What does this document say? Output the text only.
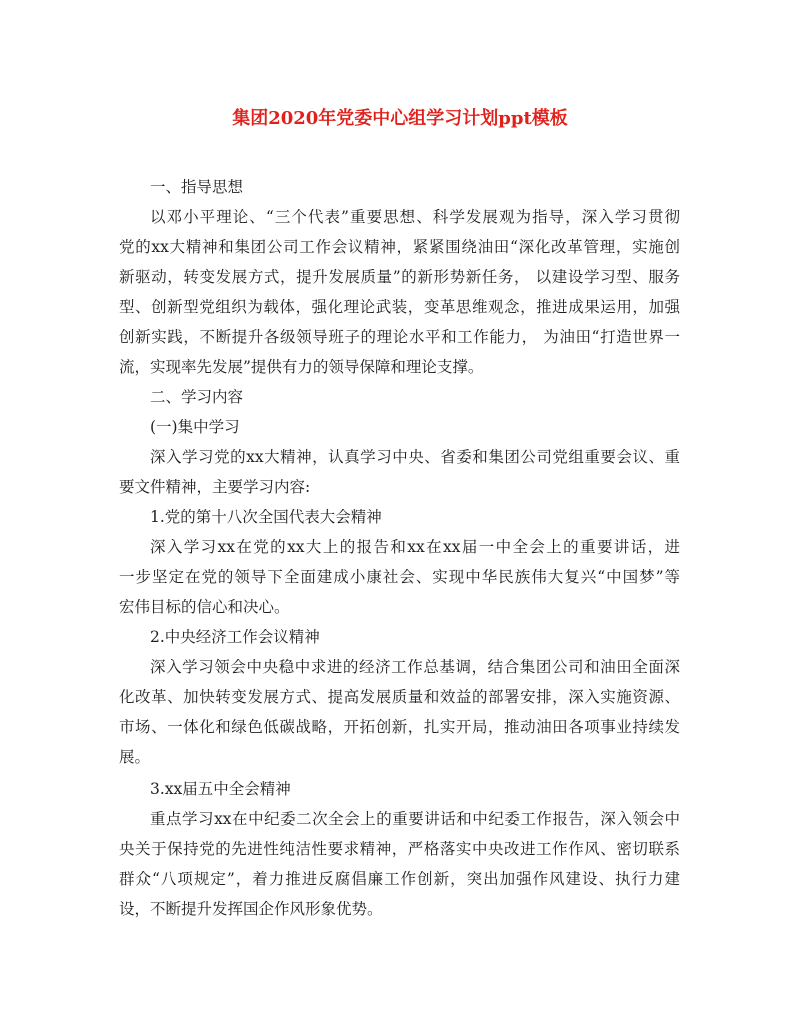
集团2020年党委中心组学习计划ppt模板
一、指导思想
以邓小平理论、“三个代表”重要思想、科学发展观为指导，深入学习贯彻
党的xx大精神和集团公司工作会议精神，紧紧围绕油田“深化改革管理，实施创
新驱动，转变发展方式，提升发展质量”的新形势新任务， 以建设学习型、服务
型、创新型党组织为载体，强化理论武装，变革思维观念，推进成果运用，加强
创新实践，不断提升各级领导班子的理论水平和工作能力， 为油田“打造世界一
流，实现率先发展”提供有力的领导保障和理论支撑。
二、学习内容
(一)集中学习
深入学习党的xx大精神，认真学习中央、省委和集团公司党组重要会议、重
要文件精神，主要学习内容:
1.党的第十八次全国代表大会精神
深入学习xx在党的xx大上的报告和xx在xx届一中全会上的重要讲话，进
一步坚定在党的领导下全面建成小康社会、实现中华民族伟大复兴“中国梦”等
宏伟目标的信心和决心。
2.中央经济工作会议精神
深入学习领会中央稳中求进的经济工作总基调，结合集团公司和油田全面深
化改革、加快转变发展方式、提高发展质量和效益的部署安排，深入实施资源、
市场、一体化和绿色低碳战略，开拓创新，扎实开局，推动油田各项事业持续发
展。
3.xx届五中全会精神
重点学习xx在中纪委二次全会上的重要讲话和中纪委工作报告，深入领会中
央关于保持党的先进性纯洁性要求精神，严格落实中央改进工作作风、密切联系
群众“八项规定”，着力推进反腐倡廉工作创新，突出加强作风建设、执行力建
设，不断提升发挥国企作风形象优势。
